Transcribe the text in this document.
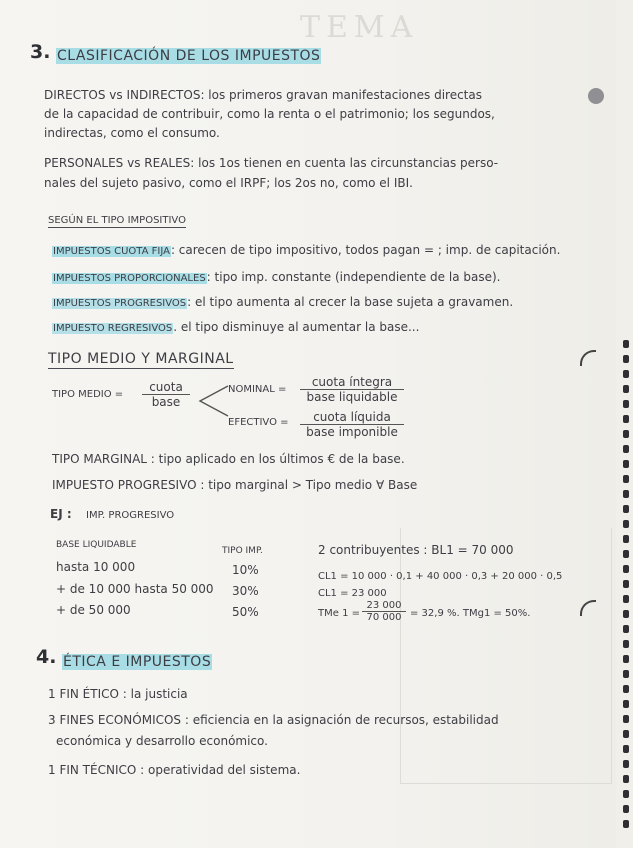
TEMA
3. CLASIFICACIÓN DE LOS IMPUESTOS
DIRECTOS vs INDIRECTOS: los primeros gravan manifestaciones directas
de la capacidad de contribuir, como la renta o el patrimonio; los segundos,
indirectas, como el consumo.
PERSONALES vs REALES: los 1os tienen en cuenta las circunstancias perso-
nales del sujeto pasivo, como el IRPF; los 2os no, como el IBI.
SEGÚN EL TIPO IMPOSITIVO
IMPUESTOS CUOTA FIJA: carecen de tipo impositivo, todos pagan = ; imp. de capitación.
IMPUESTOS PROPORCIONALES: tipo imp. constante (independiente de la base).
IMPUESTOS PROGRESIVOS: el tipo aumenta al crecer la base sujeta a gravamen.
IMPUESTO REGRESIVOS. el tipo disminuye al aumentar la base...
TIPO MEDIO Y MARGINAL
TIPO MEDIO =
cuota
base
NOMINAL =
cuota íntegra
base liquidable
EFECTIVO =	cuota líquida
base imponible
TIPO MARGINAL : tipo aplicado en los últimos € de la base.
IMPUESTO PROGRESIVO : tipo marginal > Tipo medio ∀ Base
EJ : IMP. PROGRESIVO
BASE LIQUIDABLE
TIPO IMP.
hasta 10 000	10%
+ de 10 000 hasta 50 000 30%
+ de 50 000	50%
2 contribuyentes : BL1 = 70 000
CL1 = 10 000 · 0,1 + 40 000 · 0,3 + 20 000 · 0,5
CL1 = 23 000
TMe $1 = \frac{23 000}{70 000} = 32,9$ %. TMg1 = 50%.
4. ÉTICA E IMPUESTOS
1 FIN ÉTICO : la justicia
3 FINES ECONÓMICOS : eficiencia en la asignación de recursos, estabilidad
económica y desarrollo económico.
1 FIN TÉCNICO : operatividad del sistema.
